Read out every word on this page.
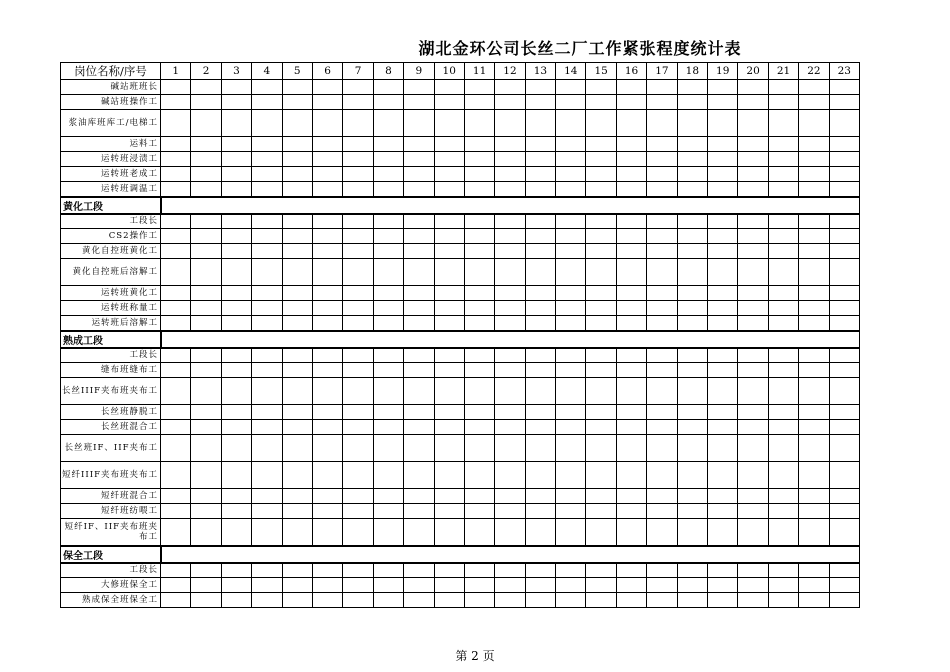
湖北金环公司长丝二厂工作紧张程度统计表
岗位名称/序号	1	2	3	4	5	6	7	8	9	10	11	12	13	14	15	16	17	18	19	20	21	22	23
碱站班班长																							
碱站班操作工																							
浆油库班库工/电梯工																							
运料工																							
运转班浸渍工																							
运转班老成工																							
运转班调温工																							
黄化工段																							
工段长																							
CS2操作工																							
黄化自控班黄化工																							
黄化自控班后溶解工																							
运转班黄化工																							
运转班称量工																							
运转班后溶解工																							
熟成工段																							
工段长																							
缝布班缝布工																							
长丝IIIF夹布班夹布工																							
长丝班静脱工																							
长丝班混合工																							
长丝班IF、IIF夹布工																							
短纤IIIF夹布班夹布工																							
短纤班混合工																							
短纤班纺喂工																							
短纤IF、IIF夹布班夹布工																							
保全工段																							
工段长																							
大修班保全工																							
熟成保全班保全工																							
第 2 页
